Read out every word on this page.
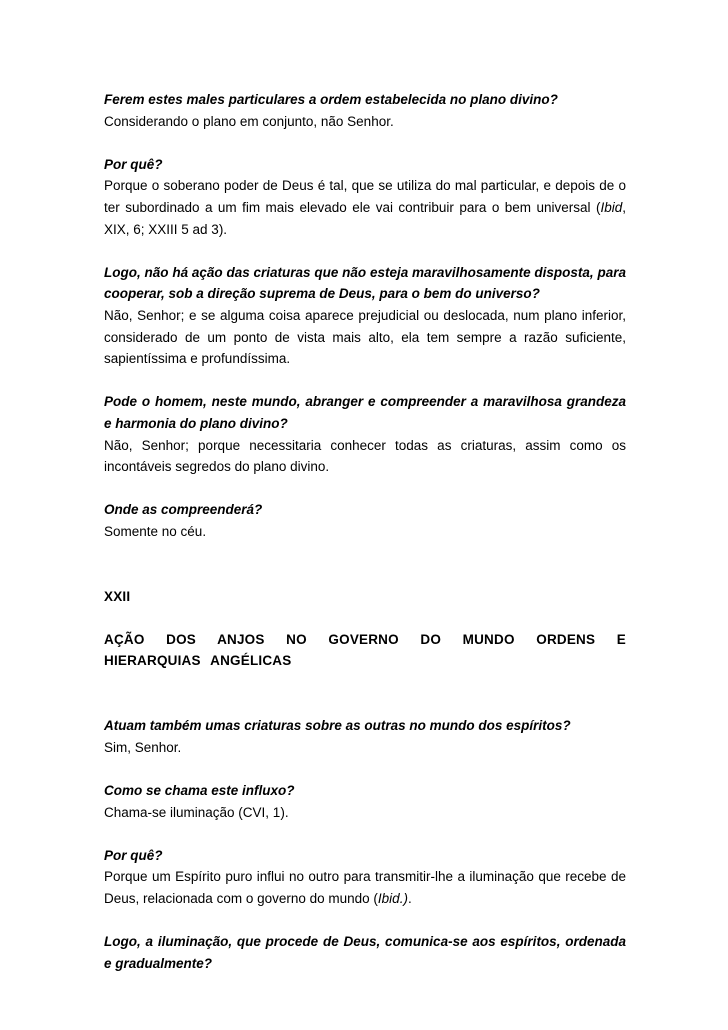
Ferem estes males particulares a ordem estabelecida no plano divino?
Considerando o plano em conjunto, não Senhor.
Por quê?
Porque o soberano poder de Deus é tal, que se utiliza do mal particular, e depois de o ter subordinado a um fim mais elevado ele vai contribuir para o bem universal (Ibid, XIX, 6; XXIII 5 ad 3).
Logo, não há ação das criaturas que não esteja maravilhosamente disposta, para cooperar, sob a direção suprema de Deus, para o bem do universo?
Não, Senhor; e se alguma coisa aparece prejudicial ou deslocada, num plano inferior, considerado de um ponto de vista mais alto, ela tem sempre a razão suficiente, sapientíssima e profundíssima.
Pode o homem, neste mundo, abranger e compreender a maravilhosa grandeza e harmonia do plano divino?
Não, Senhor; porque necessitaria conhecer todas as criaturas, assim como os incontáveis segredos do plano divino.
Onde as compreenderá?
Somente no céu.
XXII
AÇÃO DOS ANJOS NO GOVERNO DO MUNDO ORDENS E HIERARQUIAS ANGÉLICAS
Atuam também umas criaturas sobre as outras no mundo dos espíritos?
Sim, Senhor.
Como se chama este influxo?
Chama-se iluminação (CVI, 1).
Por quê?
Porque um Espírito puro influi no outro para transmitir-lhe a iluminação que recebe de Deus, relacionada com o governo do mundo (Ibid.).
Logo, a iluminação, que procede de Deus, comunica-se aos espíritos, ordenada e gradualmente?
